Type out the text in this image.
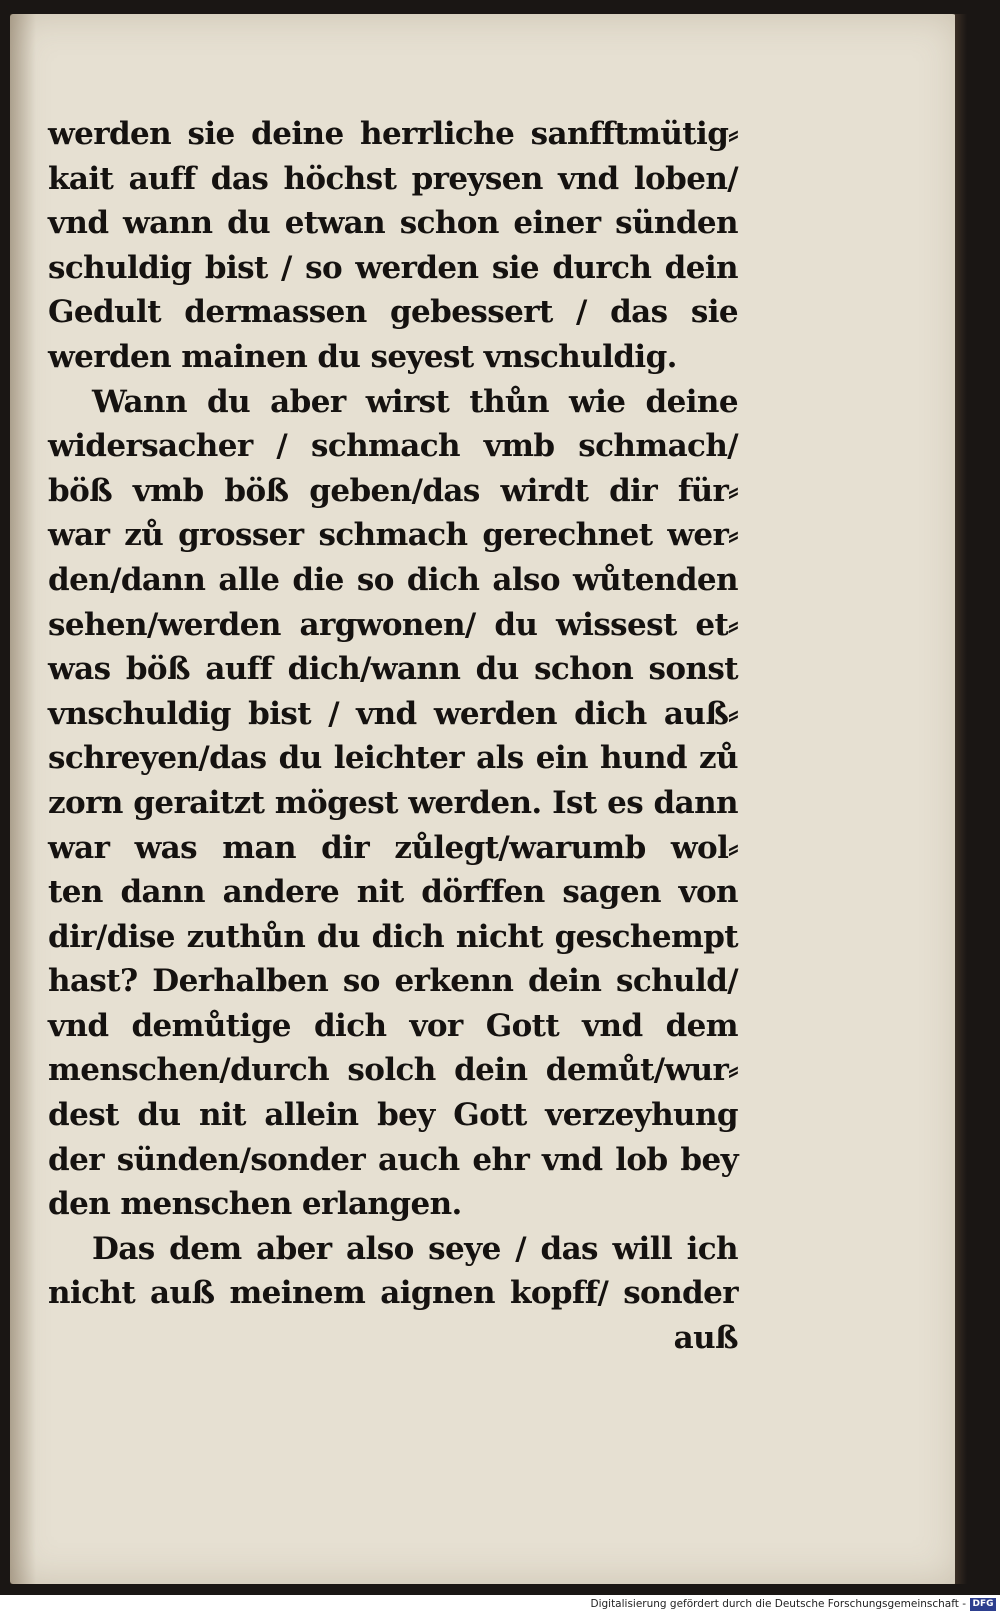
werden sie deine herrliche sanfftmütig⸗
kait auff das höchst preysen vnd loben/
vnd wann du etwan schon einer sünden
schuldig bist / so werden sie durch dein
Gedult dermassen gebessert / das sie
werden mainen du seyest vnschuldig.
Wann du aber wirst thůn wie deine
widersacher / schmach vmb schmach/
böß vmb böß geben/das wirdt dir für⸗
war zů grosser schmach gerechnet wer⸗
den/dann alle die so dich also wůtenden
sehen/werden argwonen/ du wissest et⸗
was böß auff dich/wann du schon sonst
vnschuldig bist / vnd werden dich auß⸗
schreyen/das du leichter als ein hund zů
zorn geraitzt mögest werden. Ist es dann
war was man dir zůlegt/warumb wol⸗
ten dann andere nit dörffen sagen von
dir/dise zuthůn du dich nicht geschempt
hast? Derhalben so erkenn dein schuld/
vnd demůtige dich vor Gott vnd dem
menschen/durch solch dein demůt/wur⸗
dest du nit allein bey Gott verzeyhung
der sünden/sonder auch ehr vnd lob bey
den menschen erlangen.
Das dem aber also seye / das will ich
nicht auß meinem aignen kopff/ sonder
auß
Digitalisierung gefördert durch die Deutsche Forschungsgemeinschaft - DFG
